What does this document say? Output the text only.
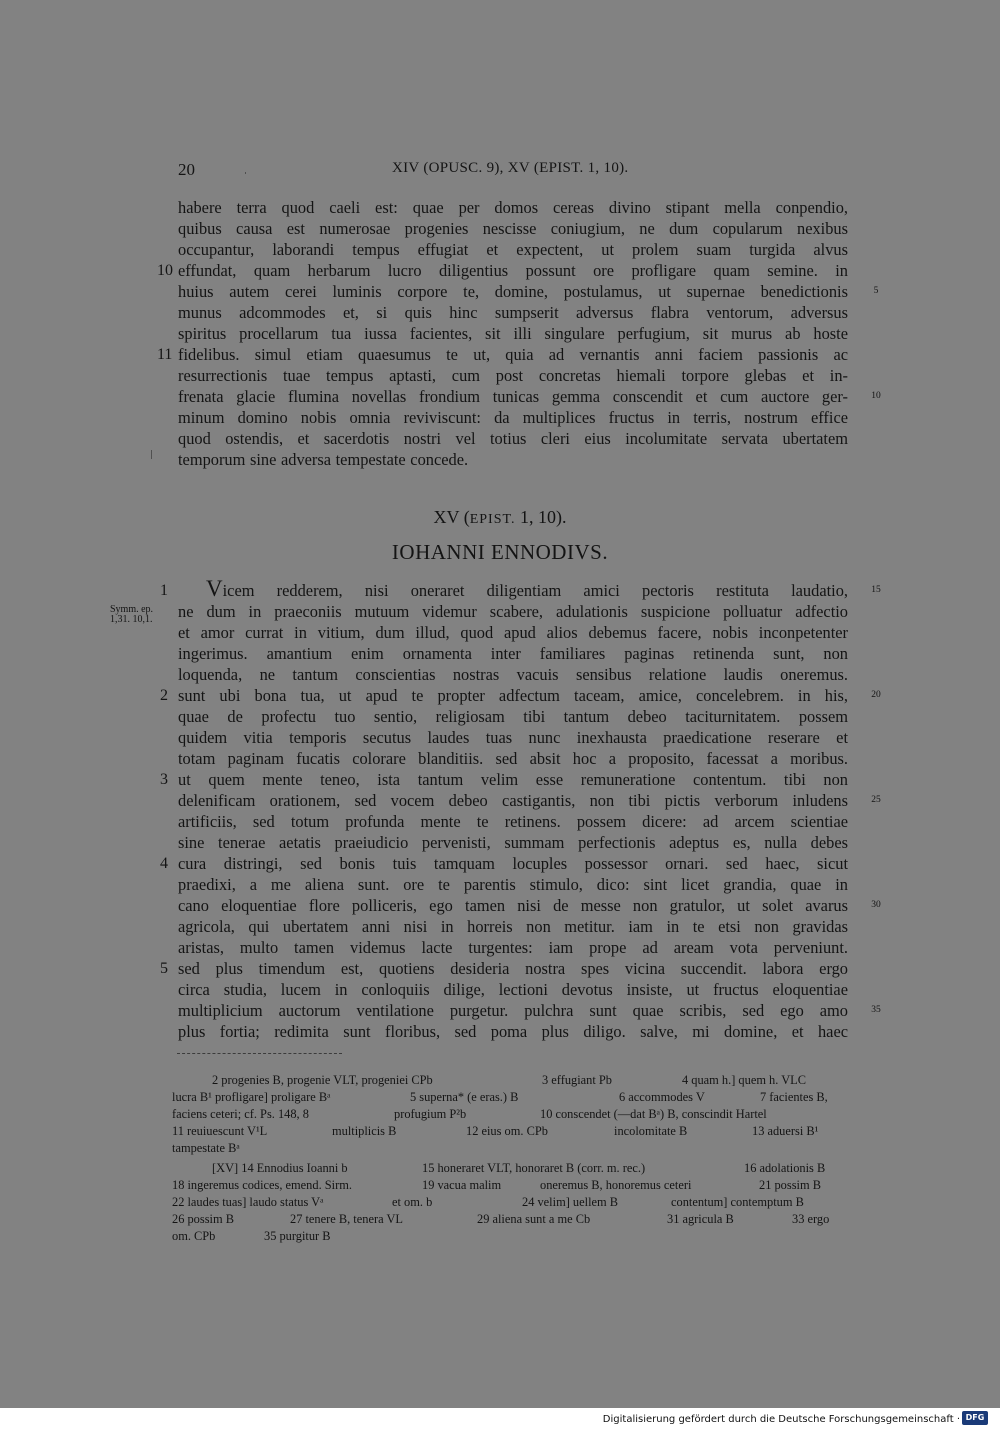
20	XIV (OPUSC. 9), XV (EPIST. 1, 10).
habere terra quod caeli est: quae per domos cereas divino stipant mella conpendio,
quibus causa est numerosae progenies nescisse coniugium, ne dum copularum nexibus
occupantur, laborandi tempus effugiat et expectent, ut prolem suam turgida alvus
effundat, quam herbarum lucro diligentius possunt ore profligare quam semine. in
10
huius autem cerei luminis corpore te, domine, postulamus, ut supernae benedictionis	5
munus adcommodes et, si quis hinc sumpserit adversus flabra ventorum, adversus
spiritus procellarum tua iussa facientes, sit illi singulare perfugium, sit murus ab hoste
fidelibus. simul etiam quaesumus te ut, quia ad vernantis anni faciem passionis ac
11
resurrectionis tuae tempus aptasti, cum post concretas hiemali torpore glebas et in-
frenata glacie flumina novellas frondium tunicas gemma conscendit et cum auctore ger-	10
minum domino nobis omnia reviviscunt: da multiplices fructus in terris, nostrum effice
quod ostendis, et sacerdotis nostri vel totius cleri eius incolumitate servata ubertatem
temporum sine adversa tempestate concede.
XV (EPIST. 1, 10).
IOHANNI ENNODIVS.
Symm. ep.
1,31. 10,1.
Vicem redderem, nisi oneraret diligentiam amici pectoris restituta laudatio,
1	15
ne dum in praeconiis mutuum videmur scabere, adulationis suspicione polluatur adfectio
et amor currat in vitium, dum illud, quod apud alios debemus facere, nobis inconpetenter
ingerimus. amantium enim ornamenta inter familiares paginas retinenda sunt, non
loquenda, ne tantum conscientias nostras vacuis sensibus relatione laudis oneremus.
sunt ubi bona tua, ut apud te propter adfectum taceam, amice, concelebrem. in his,
2	20
quae de profectu tuo sentio, religiosam tibi tantum debeo taciturnitatem. possem
quidem vitia temporis secutus laudes tuas nunc inexhausta praedicatione reserare et
totam paginam fucatis colorare blanditiis. sed absit hoc a proposito, facessat a moribus.
ut quem mente teneo, ista tantum velim esse remuneratione contentum. tibi non
3
delenificam orationem, sed vocem debeo castigantis, non tibi pictis verborum inludens	25
artificiis, sed totum profunda mente te retinens. possem dicere: ad arcem scientiae
sine tenerae aetatis praeiudicio pervenisti, summam perfectionis adeptus es, nulla debes
cura distringi, sed bonis tuis tamquam locuples possessor ornari. sed haec, sicut
4
praedixi, a me aliena sunt. ore te parentis stimulo, dico: sint licet grandia, quae in
cano eloquentiae flore polliceris, ego tamen nisi de messe non gratulor, ut solet avarus	30
agricola, qui ubertatem anni nisi in horreis non metitur. iam in te etsi non gravidas
aristas, multo tamen videmus lacte turgentes: iam prope ad aream vota perveniunt.
sed plus timendum est, quotiens desideria nostra spes vicina succendit. labora ergo
5
circa studia, lucem in conloquiis dilige, lectioni devotus insiste, ut fructus eloquentiae
multiplicium auctorum ventilatione purgetur. pulchra sunt quae scribis, sed ego amo	35
plus fortia; redimita sunt floribus, sed poma plus diligo. salve, mi domine, et haec
2 progenies B, progenie VLT, progeniei CPb	3 effugiant Pb	4 quam h.] quem h. VLC
lucra B¹ profligare] proligare Bᵃ	5 superna* (e eras.) B	6 accommodes V	7 facientes B,
faciens ceteri; cf. Ps. 148, 8	profugium P²b	10 conscendet (—dat Bᵃ) B, conscindit Hartel
11 reuiuescunt V¹L	multiplicis B	12 eius om. CPb	incolomitate B	13 aduersi B¹
tampestate Bᵃ
[XV] 14 Ennodius Ioanni b	15 honeraret VLT, honoraret B (corr. m. rec.)	16 adolationis B
18 ingeremus codices, emend. Sirm.	19 vacua malim	oneremus B, honoremus ceteri	21 possim B
22 laudes tuas] laudo status Vᵃ	et om. b	24 velim] uellem B	contentum] contemptum B
26 possim B	27 tenere B, tenera VL	29 aliena sunt a me Cb	31 agricula B	33 ergo
om. CPb	35 purgitur B
Digitalisierung gefördert durch die Deutsche Forschungsgemeinschaft · DFG
